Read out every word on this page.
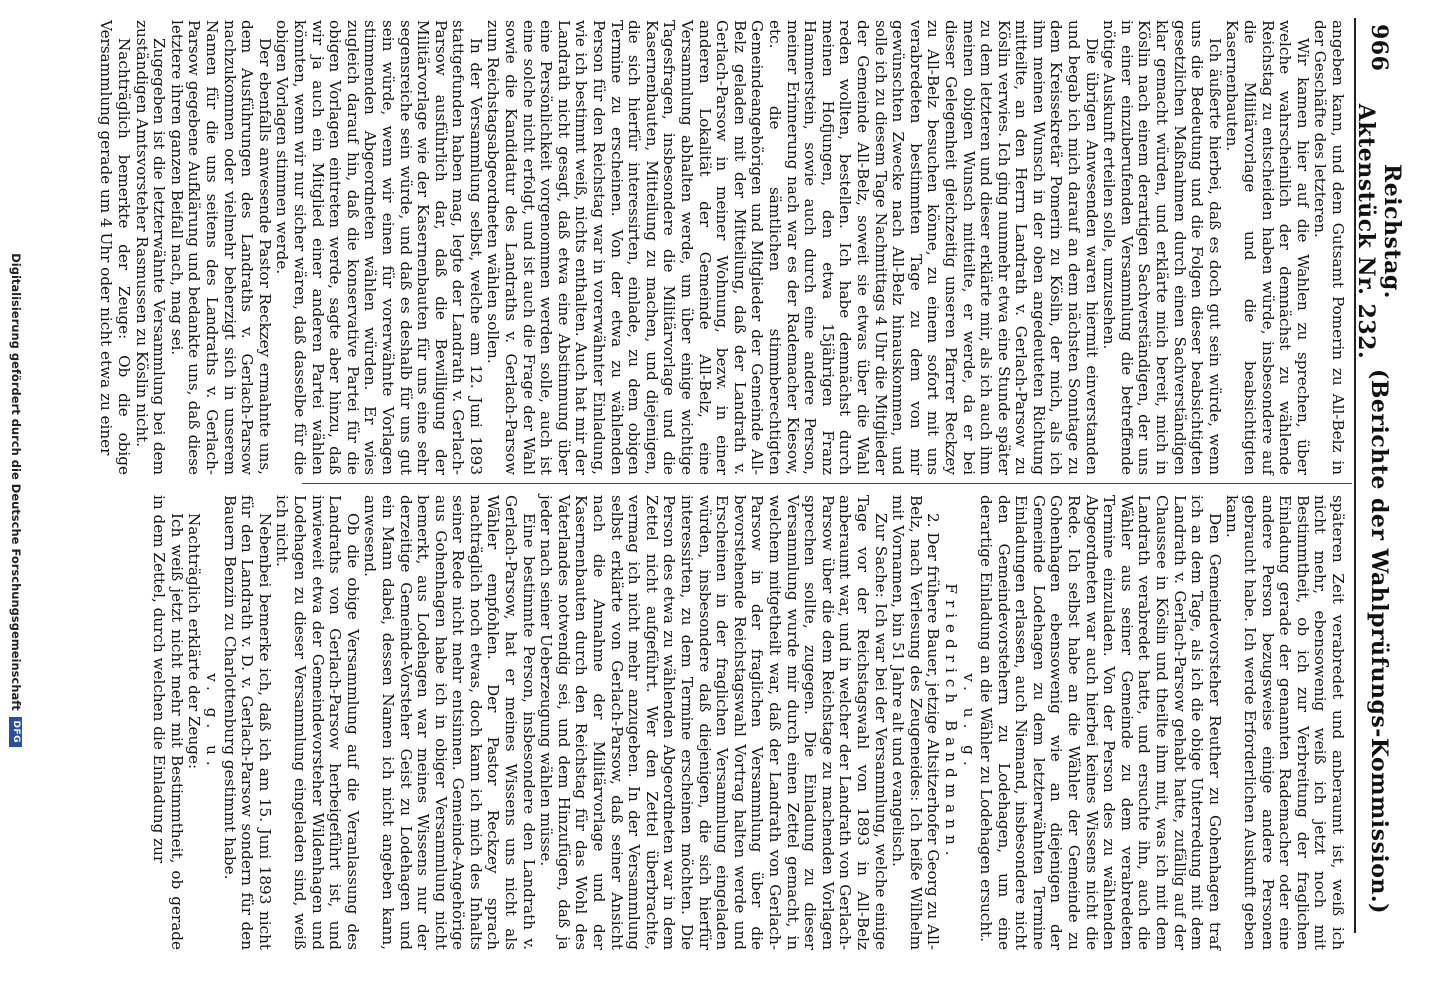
966
Reichstag. Aktenstück Nr. 232.
(Berichte der Wahlprüfungs-Kommission.)

angeben kann, und dem Gutsamt Pomerin zu All-Belz in der Geschäfte des letzteren.

Wir kamen hier auf die Wahlen zu sprechen, über welche wahrscheinlich der demnächst zu wählende Reichstag zu entscheiden haben würde, insbesondere auf die Militärvorlage und die beabsichtigten Kasernenbauten.

Ich äußerte hierbei, daß es doch gut sein würde, wenn uns die Bedeutung und die Folgen dieser beabsichtigten gesetzlichen Maßnahmen durch einen Sachverständigen klar gemacht würden, und erklärte mich bereit, mich in Köslin nach einem derartigen Sachverständigen, der uns in einer einzuberufenden Versammlung die betreffende nötige Auskunft erteilen solle, umzusehen.

Die übrigen Anwesenden waren hiermit einverstanden und begab ich mich darauf an dem nächsten Sonntage zu dem Kreissekretär Pomerin zu Köslin, der mich, als ich ihm meinen Wunsch in der oben angedeuteten Richtung mitteilte, an den Herrn Landrath v. Gerlach-Parsow zu Köslin verwies. Ich ging nunmehr etwa eine Stunde später zu dem letzteren und dieser erklärte mir, als ich auch ihm meinen obigen Wunsch mitteilte, er werde, da er bei dieser Gelegenheit gleichzeitig unseren Pfarrer Reckzey zu All-Belz besuchen könne, zu einem sofort mit uns verabredeten bestimmten Tage zu dem von mir gewünschten Zwecke nach All-Belz hinauskommen, und solle ich zu diesem Tage Nachmittags 4 Uhr die Mitglieder der Gemeinde All-Belz, soweit sie etwas über die Wahl reden wollten, bestellen. Ich habe demnächst durch meinen Hofjungen, den etwa 15jährigen Franz Hammerstein, sowie auch durch eine andere Person, meiner Erinnerung nach war es der Rademacher Kiesow, etc. die sämtlichen stimmberechtigten Gemeindeangehörigen und Mitglieder der Gemeinde All-Belz geladen mit der Mitteilung, daß der Landrath v. Gerlach-Parsow in meiner Wohnung, bezw. in einer anderen Lokalität der Gemeinde All-Belz, eine Versammlung abhalten werde, um über einige wichtige Tagesfragen, insbesondere die Militärvorlage und die Kasernenbauten, Mitteilung zu machen, und diejenigen, die sich hierfür interessirten, einlade, zu dem obigen Termine zu erscheinen. Von der etwa zu wählenden Person für den Reichstag war in vorerwähnter Einladung, wie ich bestimmt weiß, nichts enthalten. Auch hat mir der Landrath nicht gesagt, daß etwa eine Abstimmung über eine Persönlichkeit vorgenommen werden solle, auch ist eine solche nicht erfolgt, und ist auch die Frage der Wahl sowie die Kandidatur des Landraths v. Gerlach-Parsow zum Reichstagsabgeordneten wählen sollen.

In der Versammlung selbst, welche am 12. Juni 1893 stattgefunden haben mag, legte der Landrath v. Gerlach-Parsow ausführlich dar, daß die Bewilligung der Militärvorlage wie der Kasernenbauten für uns eine sehr segensreiche sein würde, und daß es deshalb für uns gut sein würde, wenn wir einen für vorerwähnte Vorlagen stimmenden Abgeordneten wählen würden. Er wies zugleich darauf hin, daß die konservative Partei für die obigen Vorlagen eintreten werde, sagte aber hinzu, daß wir ja auch ein Mitglied einer anderen Partei wählen könnten, wenn wir nur sicher wären, daß dasselbe für die obigen Vorlagen stimmen werde.

Der ebenfalls anwesende Pastor Reckzey ermahnte uns, dem Ausführungen des Landraths v. Gerlach-Parsow nachzukommen oder vielmehr beherzigt sich in unserem Namen für die uns seitens des Landraths v. Gerlach-Parsow gegebene Aufklärung und bedankte uns, daß diese letztere ihren ganzen Beifall nach, mag sei.

Zugegeben ist die letzterwähnte Versammlung bei dem zuständigen Amtsvorsteher Rasmussen zu Köslin nicht.

Nachträglich bemerkte der Zeuge: Ob die obige Versammlung gerade um 4 Uhr oder nicht etwa zu einer

späteren Zeit verabredet und anberaumt ist, weiß ich nicht mehr, ebensowenig weiß ich jetzt noch mit Bestimmtheit, ob ich zur Verbreitung der fraglichen Einladung gerade der genannten Rademacher oder eine andere Person bezugsweise einige andere Personen gebraucht habe. Ich werde Erforderlichen Auskunft geben kann.

Den Gemeindevorsteher Reuther zu Gohenhagen traf ich an dem Tage, als ich die obige Unterredung mit dem Landrath v. Gerlach-Parsow gehabt hatte, zufällig auf der Chaussee in Köslin und theilte ihm mit, was ich mit dem Landrath verabredet hatte, und ersuchte ihn, auch die Wähler aus seiner Gemeinde zu dem verabredeten Termine einzuladen. Von der Person des zu wählenden Abgeordneten war auch hierbei keines Wissens nicht die Rede. Ich selbst habe an die Wähler der Gemeinde zu Gohenhagen ebensowenig wie an diejenigen der Gemeinde Lodehagen zu dem letzterwähnten Termine Einladungen erlassen, auch Niemand, insbesondere nicht den Gemeindevorstehern zu Lodehagen, um eine derartige Einladung an die Wähler zu Lodehagen ersucht.

v. u. g.

Friedrich Bandmann.

2. Der frühere Bauer, jetzige Altsitzerhofer Georg zu All-Belz, nach Verlesung des Zeugeneides: Ich heiße Wilhelm mit Vornamen, bin 51 Jahre alt und evangelisch.

Zur Sache: Ich war bei der Versammlung, welche einige Tage vor der Reichstagswahl von 1893 in All-Belz anberaumt war, und in welcher der Landrath von Gerlach-Parsow über die dem Reichstage zu machenden Vorlagen sprechen sollte, zugegen. Die Einladung zu dieser Versammlung wurde mir durch einen Zettel gemacht, in welchem mitgetheilt war, daß der Landrath von Gerlach-Parsow in der fraglichen Versammlung über die bevorstehende Reichstagswahl Vortrag halten werde und Erscheinen in der fraglichen Versammlung eingeladen würden, insbesondere daß diejenigen, die sich hierfür interessirten, zu dem Termine erscheinen möchten. Die Person des etwa zu wählenden Abgeordneten war in dem Zettel nicht aufgeführt. Wer den Zettel überbrachte, vermag ich nicht mehr anzugeben. In der Versammlung selbst erklärte von Gerlach-Parsow, daß seiner Ansicht nach die Annahme der Militärvorlage und der Kasernenbauten durch den Reichstag für das Wohl des Vaterlandes notwendig sei, und dem Hinzufügen, daß ja jeder nach seiner Ueberzeugung wählen müsse.

Eine bestimmte Person, insbesondere den Landrath v. Gerlach-Parsow, hat er meines Wissens uns nicht als Wähler empfohlen. Der Pastor Reckzey sprach nachträglich noch etwas, doch kann ich mich des Inhalts seiner Rede nicht mehr entsinnen. Gemeinde-Angehörige aus Gohenhagen habe ich in obiger Versammlung nicht bemerkt, aus Lodehagen war meines Wissens nur der derzeitige Gemeinde-Vorsteher Geist zu Lodehagen und ein Mann dabei, dessen Namen ich nicht angeben kann, anwesend.

Ob die obige Versammlung auf die Veranlassung des Landraths von Gerlach-Parsow herbeigeführt ist, und inwieweit etwa der Gemeindevorsteher Wildenhagen und Lodehagen zu dieser Versammlung eingeladen sind, weiß ich nicht.

Nebenbei bemerke ich, daß ich am 15. Juni 1893 nicht für den Landrath v. D. v. Gerlach-Parsow sondern für den Bauern Benzin zu Charlottenburg gestimmt habe.

v. g. u.

Nachträglich erklärte der Zeuge:

Ich weiß jetzt nicht mehr mit Bestimmtheit, ob gerade in dem Zettel, durch welchen die Einladung zur

Digitalisierung gefördert durch die Deutsche Forschungsgemeinschaft
DFG
